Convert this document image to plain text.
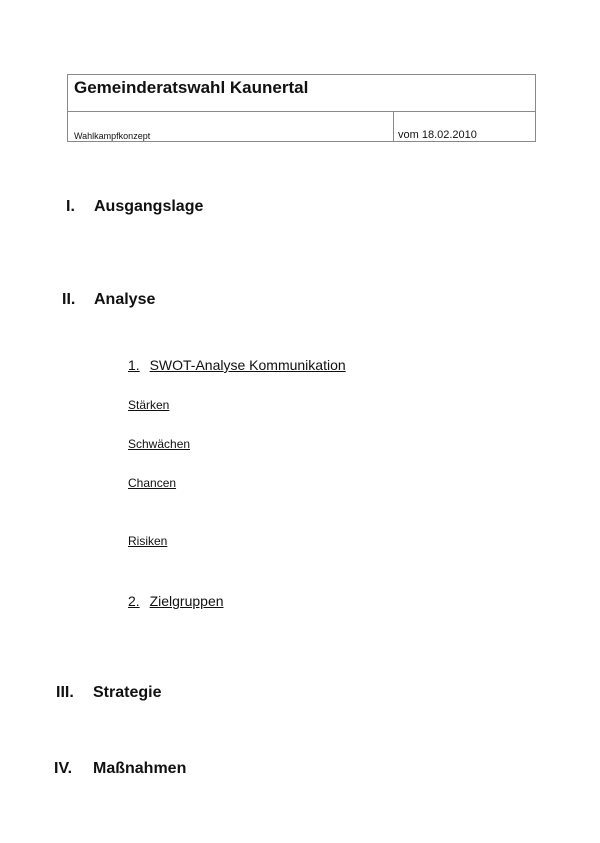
Gemeinderatswahl Kaunertal
Wahlkampfkonzept	vom 18.02.2010
I. Ausgangslage
II. Analyse
1. SWOT-Analyse Kommunikation
Stärken
Schwächen
Chancen
Risiken
2. Zielgruppen
III. Strategie
IV. Maßnahmen
